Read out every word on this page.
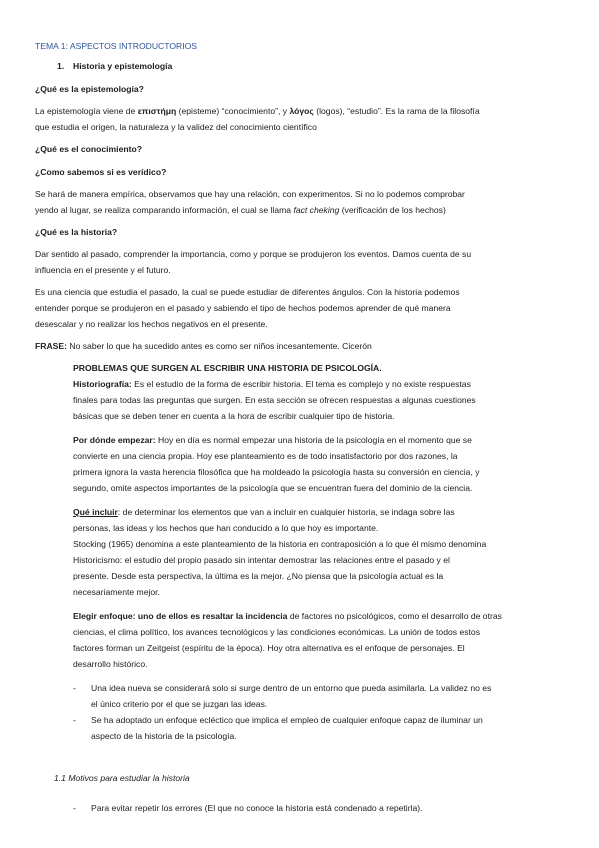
TEMA 1: ASPECTOS INTRODUCTORIOS
1. Historia y epistemología
¿Qué es la epistemología?
La epistemología viene de επιστήμη (episteme) “conocimiento”, y λόγος (logos), “estudio”. Es la rama de la filosofía
que estudia el origen, la naturaleza y la validez del conocimiento científico
¿Qué es el conocimiento?
¿Como sabemos si es verídico?
Se hará de manera empírica, observamos que hay una relación, con experimentos. Si no lo podemos comprobar
yendo al lugar, se realiza comparando información, el cual se llama fact cheking (verificación de los hechos)
¿Qué es la historia?
Dar sentido al pasado, comprender la importancia, como y porque se produjeron los eventos. Damos cuenta de su
influencia en el presente y el futuro.
Es una ciencia que estudia el pasado, la cual se puede estudiar de diferentes ángulos. Con la historia podemos
entender porque se produjeron en el pasado y sabiendo el tipo de hechos podemos aprender de qué manera
desescalar y no realizar los hechos negativos en el presente.
FRASE: No saber lo que ha sucedido antes es como ser niños incesantemente. Cicerón
PROBLEMAS QUE SURGEN AL ESCRIBIR UNA HISTORIA DE PSICOLOGÍA.
Historiografía: Es el estudio de la forma de escribir historia. El tema es complejo y no existe respuestas
finales para todas las preguntas que surgen. En esta sección se ofrecen respuestas a algunas cuestiones
básicas que se deben tener en cuenta a la hora de escribir cualquier tipo de historia.
Por dónde empezar: Hoy en día es normal empezar una historia de la psicología en el momento que se
convierte en una ciencia propia. Hoy ese planteamiento es de todo insatisfactorio por dos razones, la
primera ignora la vasta herencia filosófica que ha moldeado la psicología hasta su conversión en ciencia, y
segundo, omite aspectos importantes de la psicología que se encuentran fuera del dominio de la ciencia.
Qué incluir: de determinar los elementos que van a incluir en cualquier historia, se indaga sobre las
personas, las ideas y los hechos que han conducido a lo que hoy es importante.
Stocking (1965) denomina a este planteamiento de la historia en contraposición a lo que él mismo denomina
Historicismo: el estudio del propio pasado sin intentar demostrar las relaciones entre el pasado y el
presente. Desde esta perspectiva, la última es la mejor. ¿No piensa que la psicología actual es la
necesariamente mejor.
Elegir enfoque: uno de ellos es resaltar la incidencia de factores no psicológicos, como el desarrollo de otras
ciencias, el clima político, los avances tecnológicos y las condiciones económicas. La unión de todos estos
factores forman un Zeitgeist (espíritu de la época). Hoy otra alternativa es el enfoque de personajes. El
desarrollo histórico.
- Una idea nueva se considerará solo si surge dentro de un entorno que pueda asimilarla. La validez no es
el único criterio por el que se juzgan las ideas.
- Se ha adoptado un enfoque ecléctico que implica el empleo de cualquier enfoque capaz de iluminar un
aspecto de la historia de la psicología.
1.1 Motivos para estudiar la historia
- Para evitar repetir los errores (El que no conoce la historia está condenado a repetirla).
